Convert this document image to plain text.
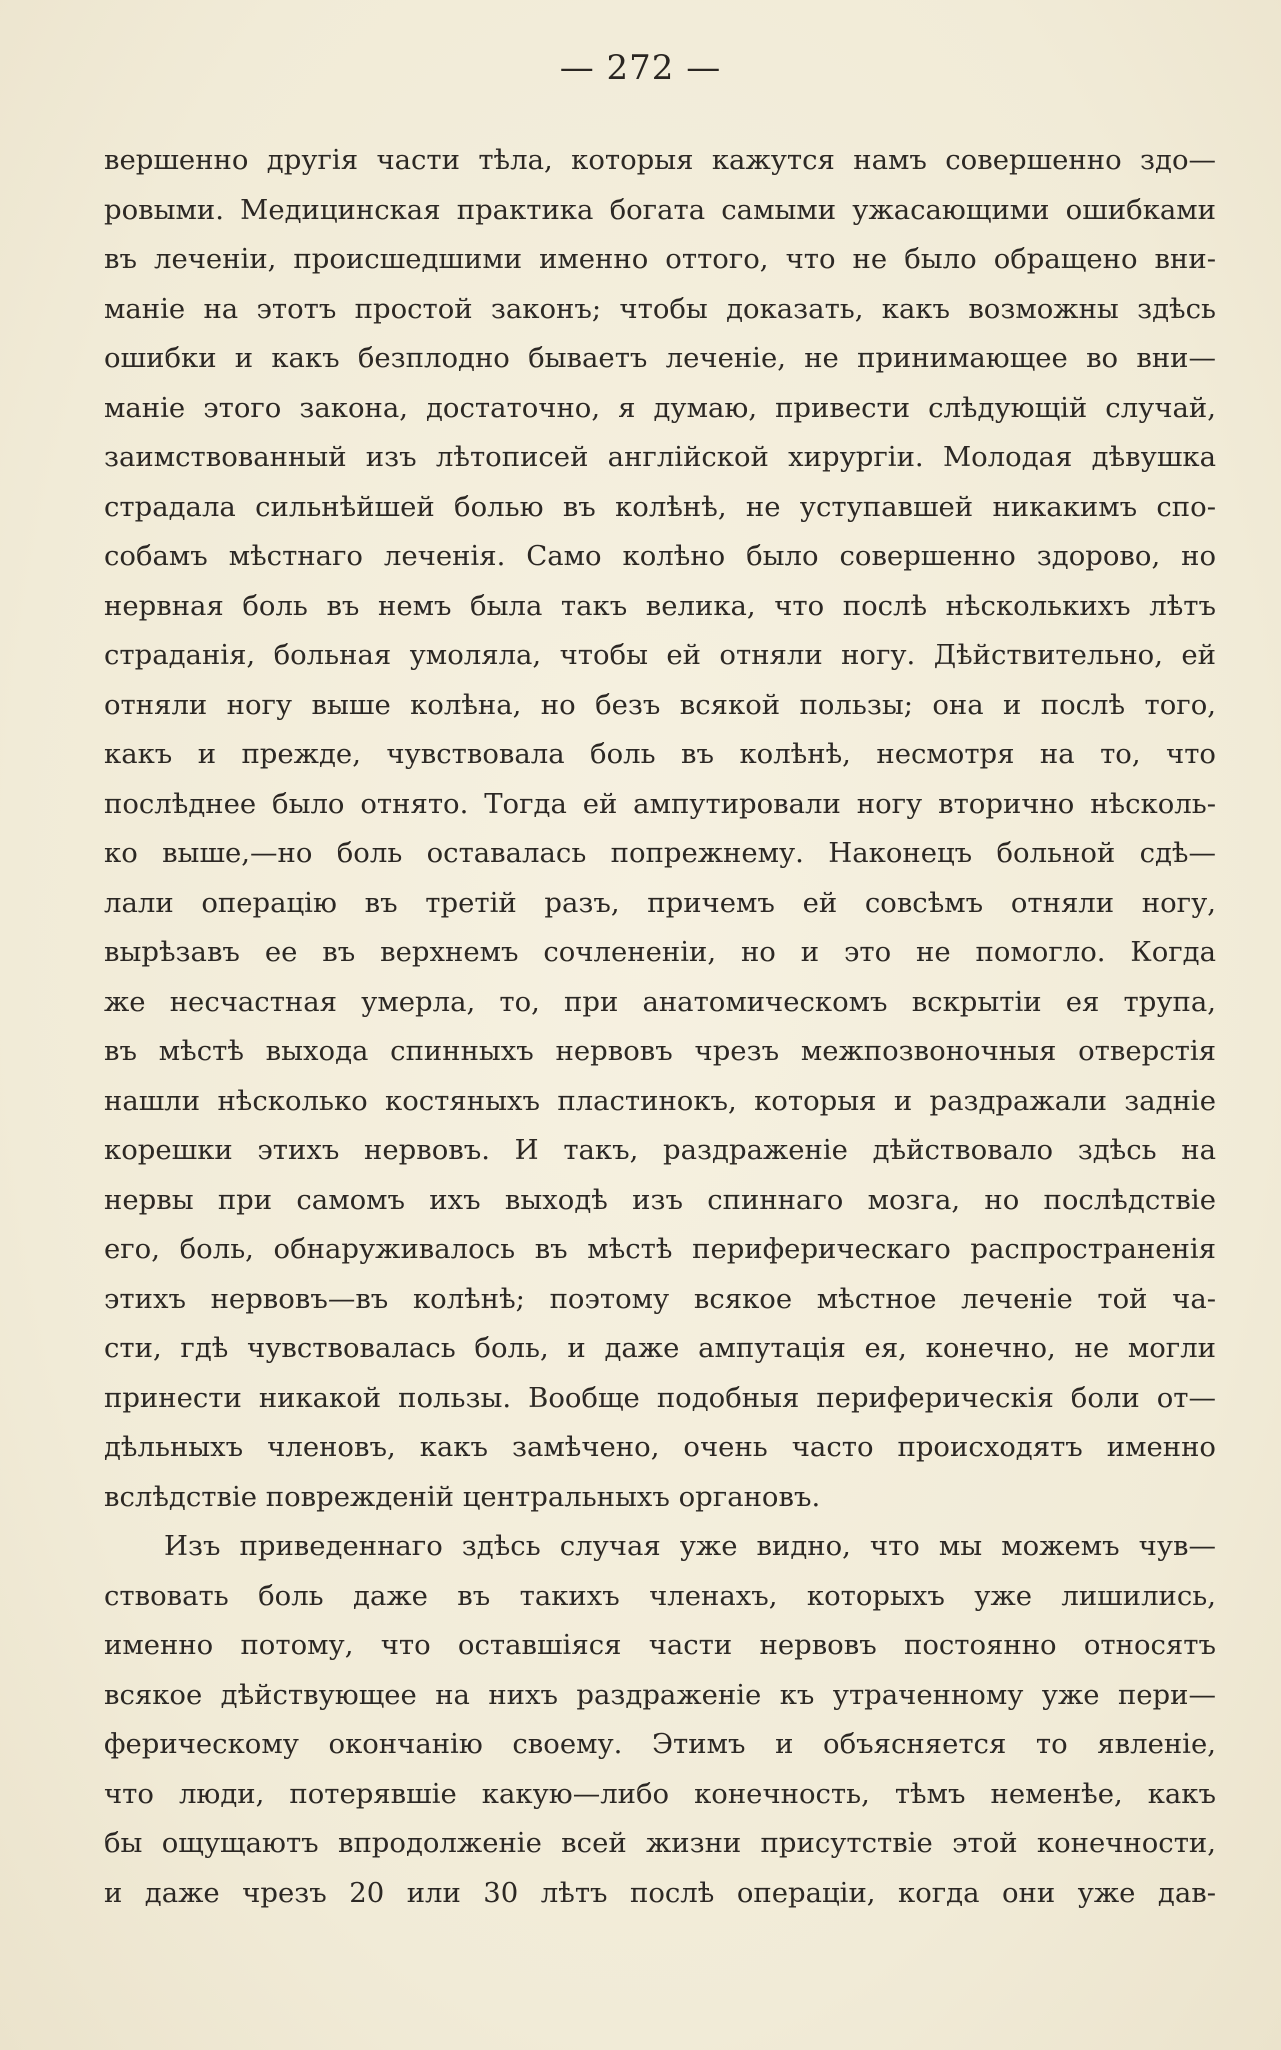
— 272 —
вершенно другія части тѣла, которыя кажутся намъ совершенно здо—
ровыми. Медицинская практика богата самыми ужасающими ошибками
въ леченіи, происшедшими именно оттого, что не было обращено вни-
маніе на этотъ простой законъ; чтобы доказать, какъ возможны здѣсь
ошибки и какъ безплодно бываетъ леченіе, не принимающее во вни—
маніе этого закона, достаточно, я думаю, привести слѣдующій случай,
заимствованный изъ лѣтописей англійской хирургіи. Молодая дѣвушка
страдала сильнѣйшей болью въ колѣнѣ, не уступавшей никакимъ спо-
собамъ мѣстнаго леченія. Само колѣно было совершенно здорово, но
нервная боль въ немъ была такъ велика, что послѣ нѣсколькихъ лѣтъ
страданія, больная умоляла, чтобы ей отняли ногу. Дѣйствительно, ей
отняли ногу выше колѣна, но безъ всякой пользы; она и послѣ того,
какъ и прежде, чувствовала боль въ колѣнѣ, несмотря на то, что
послѣднее было отнято. Тогда ей ампутировали ногу вторично нѣсколь-
ко выше,—но боль оставалась попрежнему. Наконецъ больной сдѣ—
лали операцію въ третій разъ, причемъ ей совсѣмъ отняли ногу,
вырѣзавъ ее въ верхнемъ сочлененіи, но и это не помогло. Когда
же несчастная умерла, то, при анатомическомъ вскрытіи ея трупа,
въ мѣстѣ выхода спинныхъ нервовъ чрезъ межпозвоночныя отверстія
нашли нѣсколько костяныхъ пластинокъ, которыя и раздражали задніе
корешки этихъ нервовъ. И такъ, раздраженіе дѣйствовало здѣсь на
нервы при самомъ ихъ выходѣ изъ спиннаго мозга, но послѣдствіе
его, боль, обнаруживалось въ мѣстѣ периферическаго распространенія
этихъ нервовъ—въ колѣнѣ; поэтому всякое мѣстное леченіе той ча-
сти, гдѣ чувствовалась боль, и даже ампутація ея, конечно, не могли
принести никакой пользы. Вообще подобныя периферическія боли от—
дѣльныхъ членовъ, какъ замѣчено, очень часто происходятъ именно
вслѣдствіе поврежденій центральныхъ органовъ.
Изъ приведеннаго здѣсь случая уже видно, что мы можемъ чув—
ствовать боль даже въ такихъ членахъ, которыхъ уже лишились,
именно потому, что оставшіяся части нервовъ постоянно относятъ
всякое дѣйствующее на нихъ раздраженіе къ утраченному уже пери—
ферическому окончанію своему. Этимъ и объясняется то явленіе,
что люди, потерявшіе какую—либо конечность, тѣмъ неменѣе, какъ
бы ощущаютъ впродолженіе всей жизни присутствіе этой конечности,
и даже чрезъ 20 или 30 лѣтъ послѣ операціи, когда они уже дав-
